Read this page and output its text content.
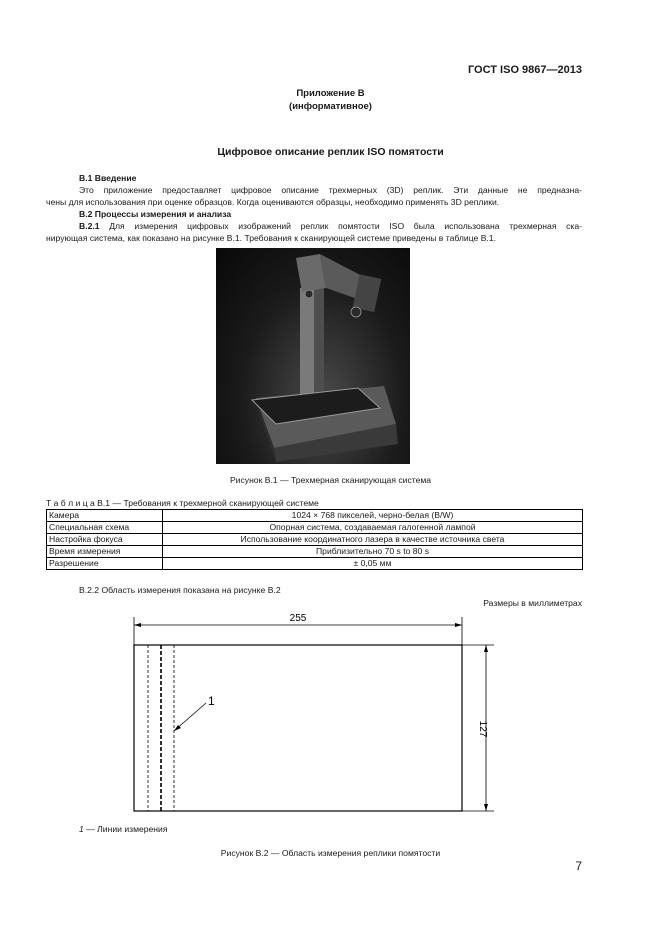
ГОСТ ISO 9867—2013
Приложение В
(информативное)
Цифровое описание реплик ISO помятости
В.1 Введение
Это приложение предоставляет цифровое описание трехмерных (3D) реплик. Эти данные не предназна-
чены для использования при оценке образцов. Когда оцениваются образцы, необходимо применять 3D реплики.
В.2 Процессы измерения и анализа
В.2.1 Для измерения цифровых изображений реплик помятости ISO была использована трехмерная ска-
нирующая система, как показано на рисунке В.1. Требования к сканирующей системе приведены в таблице В.1.
Рисунок В.1 — Трехмерная сканирующая система
Т а б л и ц а В.1 — Требования к трехмерной сканирующей системе
Камера	1024 × 768 пикселей, черно-белая (В/W)
Специальная схема	Опорная система, создаваемая галогенной лампой
Настройка фокуса	Использование координатного лазера в качестве источника света
Время измерения	Приблизительно 70 s to 80 s
Разрешение	± 0,05 мм
В.2.2 Область измерения показана на рисунке В.2
Размеры в миллиметрах
255
127
1
1 — Линии измерения
Рисунок В.2 — Область измерения реплики помятости
7
